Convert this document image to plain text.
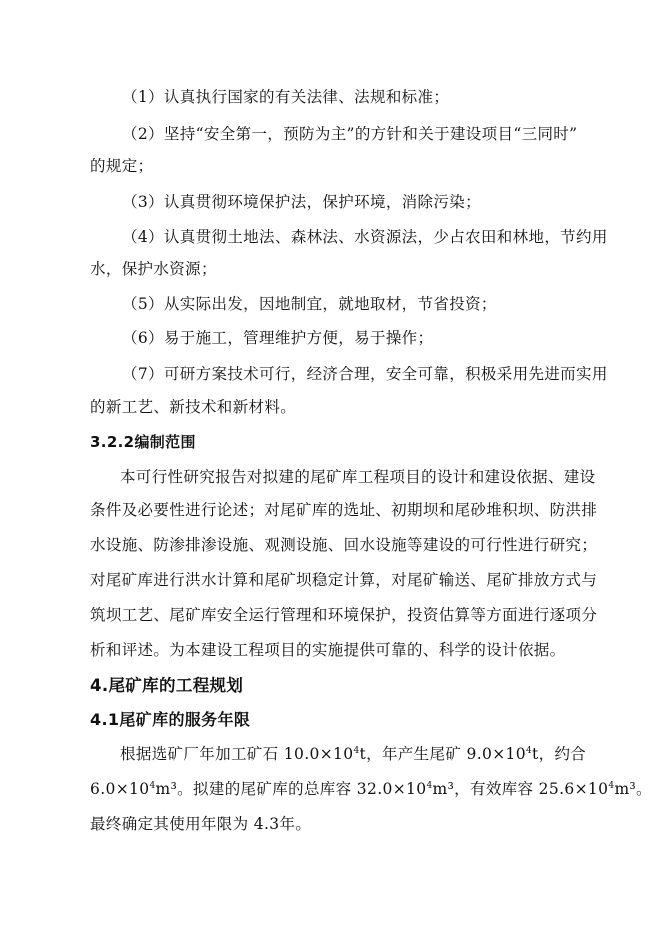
（1）认真执行国家的有关法律、法规和标准；
（2）坚持“安全第一，预防为主”的方针和关于建设项目“三同时”
的规定；
（3）认真贯彻环境保护法，保护环境，消除污染；
（4）认真贯彻土地法、森林法、水资源法，少占农田和林地，节约用
水，保护水资源；
（5）从实际出发，因地制宜，就地取材，节省投资；
（6）易于施工，管理维护方便，易于操作；
（7）可研方案技术可行，经济合理，安全可靠，积极采用先进而实用
的新工艺、新技术和新材料。
3.2.2编制范围
本可行性研究报告对拟建的尾矿库工程项目的设计和建设依据、建设
条件及必要性进行论述；对尾矿库的选址、初期坝和尾砂堆积坝、防洪排
水设施、防渗排渗设施、观测设施、回水设施等建设的可行性进行研究；
对尾矿库进行洪水计算和尾矿坝稳定计算，对尾矿输送、尾矿排放方式与
筑坝工艺、尾矿库安全运行管理和环境保护，投资估算等方面进行逐项分
析和评述。为本建设工程项目的实施提供可靠的、科学的设计依据。
4.尾矿库的工程规划
4.1尾矿库的服务年限
根据选矿厂年加工矿石 $10.0\times 10^4t$，年产生尾矿 $9.0\times 10^4t$，约合
$6.0\times 10^4m^3$。拟建的尾矿库的总库容 $32.0\times 10^4m^3$，有效库容 $25.6\times 10^4m^3$。
最终确定其使用年限为 4.3年。
